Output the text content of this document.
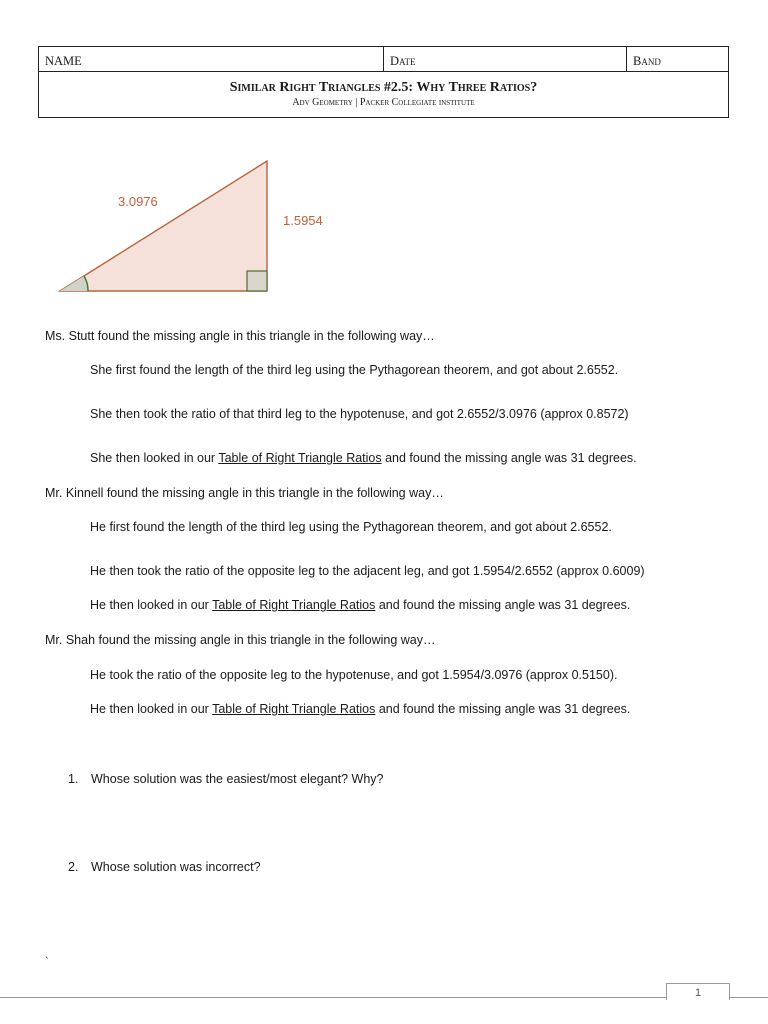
NAME	Date	Band
Similar Right Triangles #2.5: Why Three Ratios?
Adv Geometry | Packer Collegiate institute
3.0976
1.5954
Ms. Stutt found the missing angle in this triangle in the following way…
She first found the length of the third leg using the Pythagorean theorem, and got about 2.6552.
She then took the ratio of that third leg to the hypotenuse, and got 2.6552/3.0976 (approx 0.8572)
She then looked in our Table of Right Triangle Ratios and found the missing angle was 31 degrees.
Mr. Kinnell found the missing angle in this triangle in the following way…
He first found the length of the third leg using the Pythagorean theorem, and got about 2.6552.
He then took the ratio of the opposite leg to the adjacent leg, and got 1.5954/2.6552 (approx 0.6009)
He then looked in our Table of Right Triangle Ratios and found the missing angle was 31 degrees.
Mr. Shah found the missing angle in this triangle in the following way…
He took the ratio of the opposite leg to the hypotenuse, and got 1.5954/3.0976 (approx 0.5150).
He then looked in our Table of Right Triangle Ratios and found the missing angle was 31 degrees.
1. Whose solution was the easiest/most elegant? Why?
2. Whose solution was incorrect?
`
1
